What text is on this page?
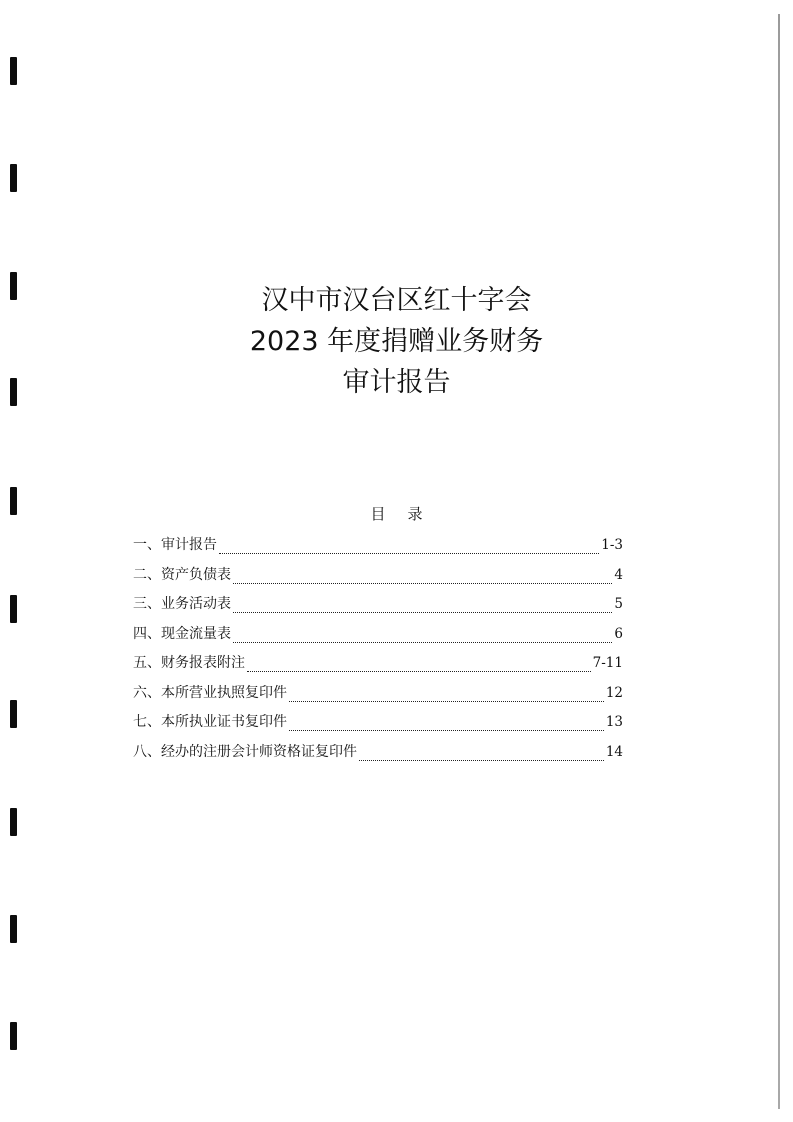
汉中市汉台区红十字会
2023 年度捐赠业务财务
审计报告
目录
一、审计报告	1-3
二、资产负债表	4
三、业务活动表	5
四、现金流量表	6
五、财务报表附注	7-11
六、本所营业执照复印件	12
七、本所执业证书复印件	13
八、经办的注册会计师资格证复印件	14
